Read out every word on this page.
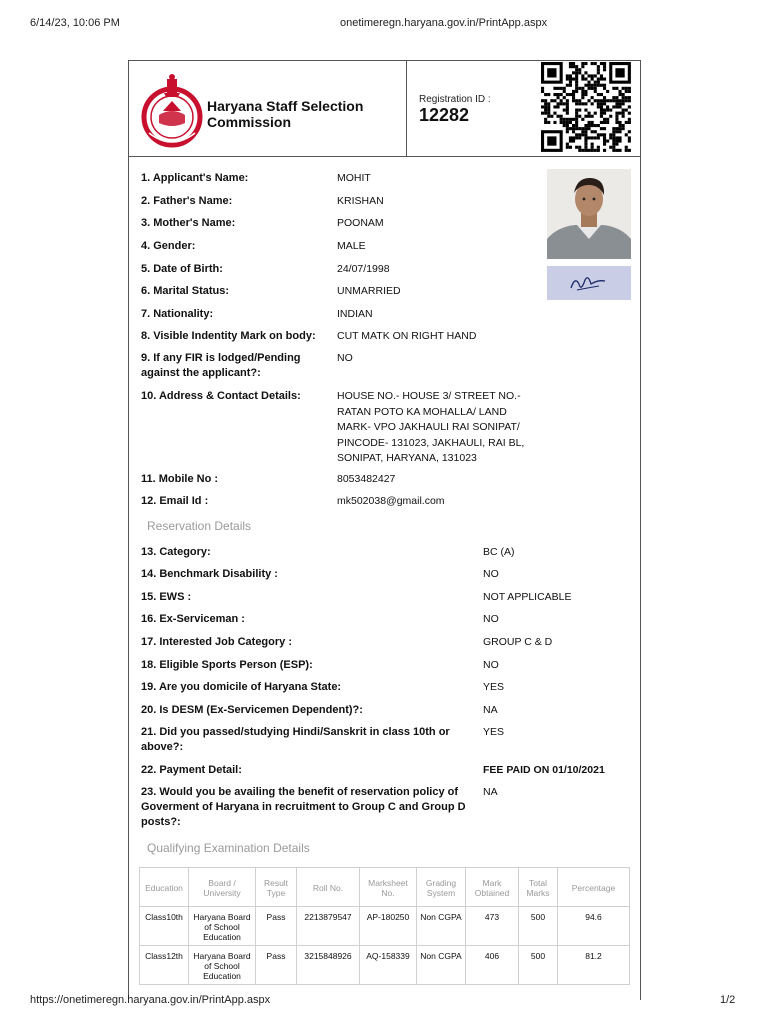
6/14/23, 10:06 PM	onetimeregn.haryana.gov.in/PrintApp.aspx
Haryana Staff Selection Commission
Registration ID :
12282
1. Applicant's Name:	MOHIT
2. Father's Name:	KRISHAN
3. Mother's Name:	POONAM
4. Gender:	MALE
5. Date of Birth:	24/07/1998
6. Marital Status:	UNMARRIED
7. Nationality:	INDIAN
8. Visible Indentity Mark on body: CUT MATK ON RIGHT HAND
9. If any FIR is lodged/Pending against the applicant?:
NO
10. Address & Contact Details:	HOUSE NO.- HOUSE 3/ STREET NO.- RATAN POTO KA MOHALLA/ LAND MARK- VPO JAKHAULI RAI SONIPAT/ PINCODE- 131023, JAKHAULI, RAI BL, SONIPAT, HARYANA, 131023
11. Mobile No :	8053482427
12. Email Id :	mk502038@gmail.com
Reservation Details
13. Category:	BC (A)
14. Benchmark Disability :	NO
15. EWS :	NOT APPLICABLE
16. Ex-Serviceman :	NO
17. Interested Job Category :	GROUP C & D
18. Eligible Sports Person (ESP):	NO
19. Are you domicile of Haryana State:	YES
20. Is DESM (Ex-Servicemen Dependent)?:	NA
21. Did you passed/studying Hindi/Sanskrit in class 10th or above?:
YES
22. Payment Detail:	FEE PAID ON 01/10/2021
23. Would you be availing the benefit of reservation policy of Goverment of Haryana in recruitment to Group C and Group D posts?:
NA
Qualifying Examination Details
Education	Board / University	Result Type	Roll No.	Marksheet No.	Grading System	Mark Obtained	Total Marks	Percentage
Class10th	Haryana Board of School Education	Pass	2213879547	AP-180250	Non CGPA	473	500	94.6
Class12th	Haryana Board of School Education	Pass	3215848926	AQ-158339	Non CGPA	406	500	81.2
https://onetimeregn.haryana.gov.in/PrintApp.aspx	1/2
